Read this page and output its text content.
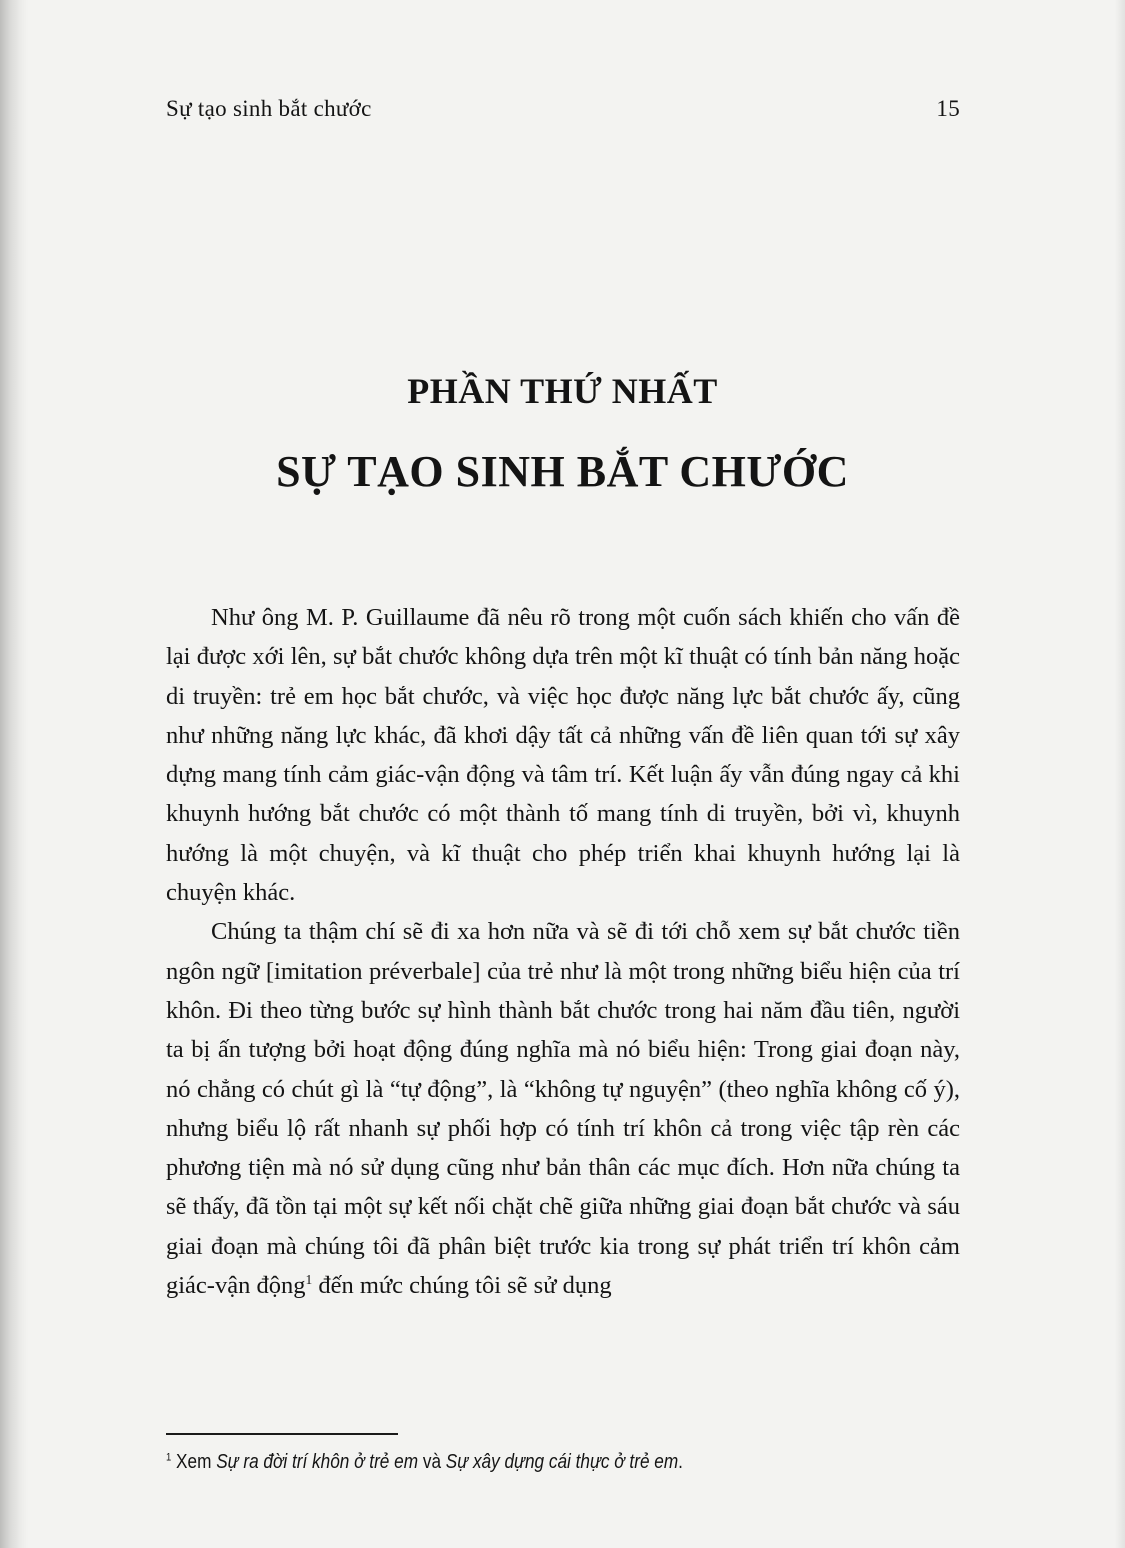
Sự tạo sinh bắt chước	15
PHẦN THỨ NHẤT
SỰ TẠO SINH BẮT CHƯỚC

Như ông M. P. Guillaume đã nêu rõ trong một cuốn sách khiến cho vấn đề lại được xới lên, sự bắt chước không dựa trên một kĩ thuật có tính bản năng hoặc di truyền: trẻ em học bắt chước, và việc học được năng lực bắt chước ấy, cũng như những năng lực khác, đã khơi dậy tất cả những vấn đề liên quan tới sự xây dựng mang tính cảm giác-vận động và tâm trí. Kết luận ấy vẫn đúng ngay cả khi khuynh hướng bắt chước có một thành tố mang tính di truyền, bởi vì, khuynh hướng là một chuyện, và kĩ thuật cho phép triển khai khuynh hướng lại là chuyện khác.

Chúng ta thậm chí sẽ đi xa hơn nữa và sẽ đi tới chỗ xem sự bắt chước tiền ngôn ngữ [imitation préverbale] của trẻ như là một trong những biểu hiện của trí khôn. Đi theo từng bước sự hình thành bắt chước trong hai năm đầu tiên, người ta bị ấn tượng bởi hoạt động đúng nghĩa mà nó biểu hiện: Trong giai đoạn này, nó chẳng có chút gì là “tự động”, là “không tự nguyện” (theo nghĩa không cố ý), nhưng biểu lộ rất nhanh sự phối hợp có tính trí khôn cả trong việc tập rèn các phương tiện mà nó sử dụng cũng như bản thân các mục đích. Hơn nữa chúng ta sẽ thấy, đã tồn tại một sự kết nối chặt chẽ giữa những giai đoạn bắt chước và sáu giai đoạn mà chúng tôi đã phân biệt trước kia trong sự phát triển trí khôn cảm giác-vận động$^1$ đến mức chúng tôi sẽ sử dụng

$^1$ Xem Sự ra đời trí khôn ở trẻ em và Sự xây dựng cái thực ở trẻ em.
